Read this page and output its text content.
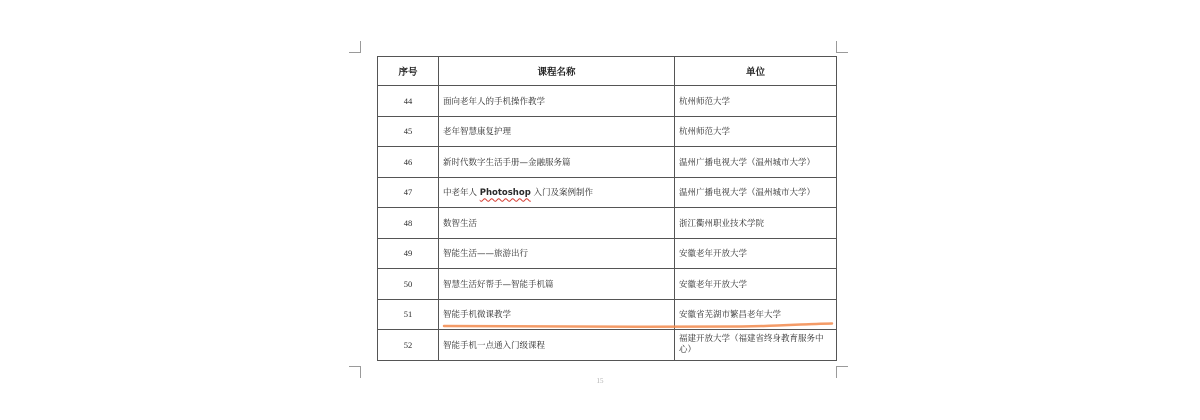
序号	课程名称	单位
44	面向老年人的手机操作教学	杭州师范大学
45	老年智慧康复护理	杭州师范大学
46	新时代数字生活手册—金融服务篇	温州广播电视大学（温州城市大学）
47	中老年人 Photoshop 入门及案例制作	温州广播电视大学（温州城市大学）
48	数智生活	浙江衢州职业技术学院
49	智能生活——旅游出行	安徽老年开放大学
50	智慧生活好帮手—智能手机篇	安徽老年开放大学
51	智能手机微课教学	安徽省芜湖市繁昌老年大学
52	智能手机一点通入门级课程	福建开放大学（福建省终身教育服务中心）
15
